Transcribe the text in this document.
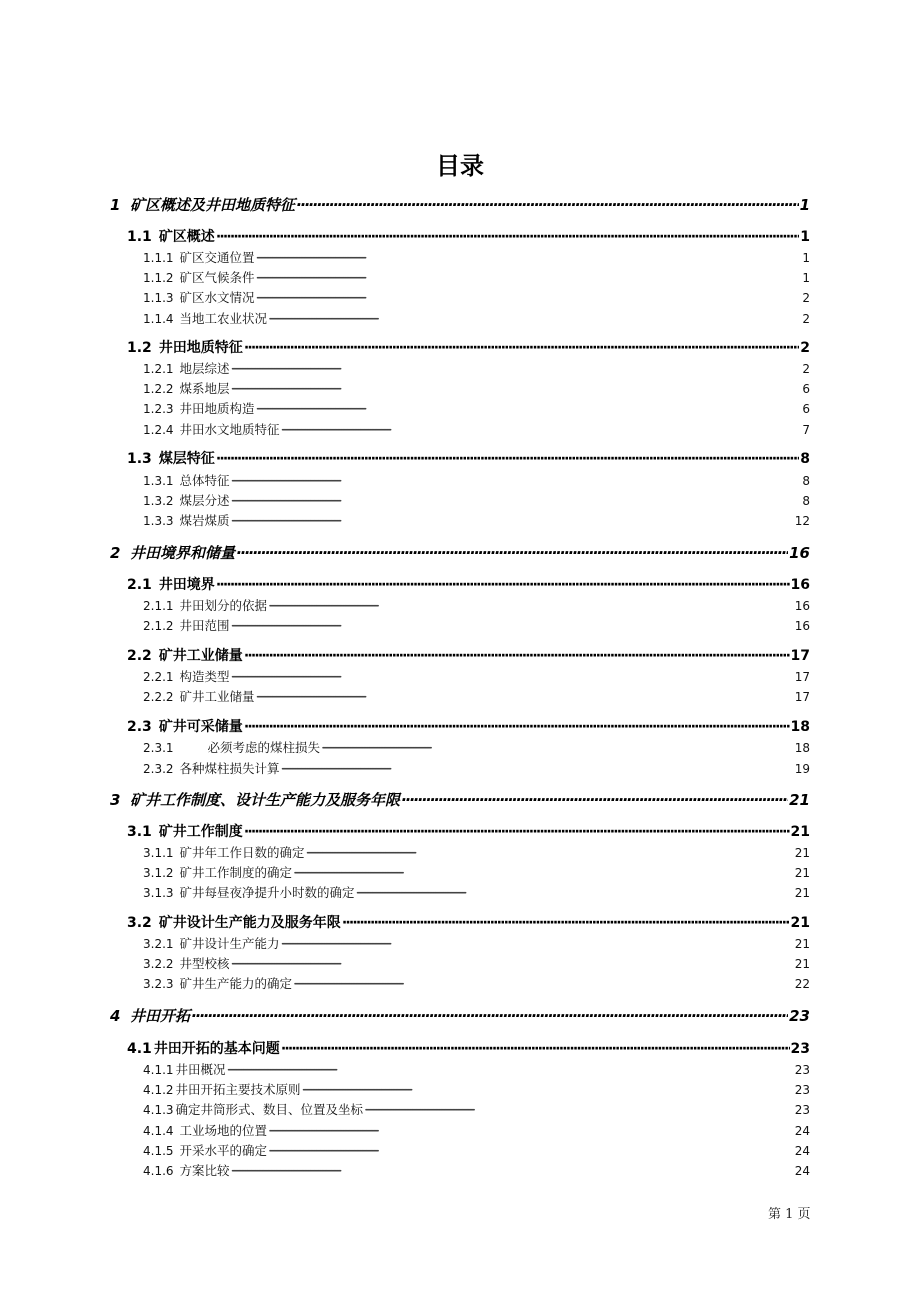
目录
1 矿区概述及井田地质特征 ·····	1
1.1 矿区概述 ·····	1
1.1.1 矿区交通位置 ·····	1
1.1.2 矿区气候条件 ·····	1
1.1.3 矿区水文情况 ·····	2
1.1.4 当地工农业状况 ·····	2
1.2 井田地质特征 ·····	2
1.2.1 地层综述 ·····	2
1.2.2 煤系地层 ·····	6
1.2.3 井田地质构造 ·····	6
1.2.4 井田水文地质特征 ·····	7
1.3 煤层特征 ·····	8
1.3.1 总体特征 ·····	8
1.3.2 煤层分述 ·····	8
1.3.3 煤岩煤质 ·····	12
2 井田境界和储量 ·····	16
2.1 井田境界 ·····	16
2.1.1 井田划分的依据 ·····	16
2.1.2 井田范围 ·····	16
2.2 矿井工业储量 ·····	17
2.2.1 构造类型 ·····	17
2.2.2 矿井工业储量 ·····	17
2.3 矿井可采储量 ·····	18
2.3.1	必须考虑的煤柱损失 ·····	18
2.3.2 各种煤柱损失计算 ·····	19
3 矿井工作制度、设计生产能力及服务年限 ·····	21
3.1 矿井工作制度 ·····	21
3.1.1 矿井年工作日数的确定 ·····	21
3.1.2 矿井工作制度的确定 ·····	21
3.1.3 矿井每昼夜净提升小时数的确定 ·····	21
3.2 矿井设计生产能力及服务年限 ·····	21
3.2.1 矿井设计生产能力 ·····	21
3.2.2 井型校核 ·····	21
3.2.3 矿井生产能力的确定 ·····	22
4 井田开拓 ·····	23
4.1 井田开拓的基本问题 ·····	23
4.1.1 井田概况 ·····	23
4.1.2 井田开拓主要技术原则 ·····	23
4.1.3 确定井筒形式、数目、位置及坐标 ·····	23
4.1.4 工业场地的位置 ·····	24
4.1.5 开采水平的确定 ·····	24
4.1.6 方案比较 ·····	24
第 1 页
